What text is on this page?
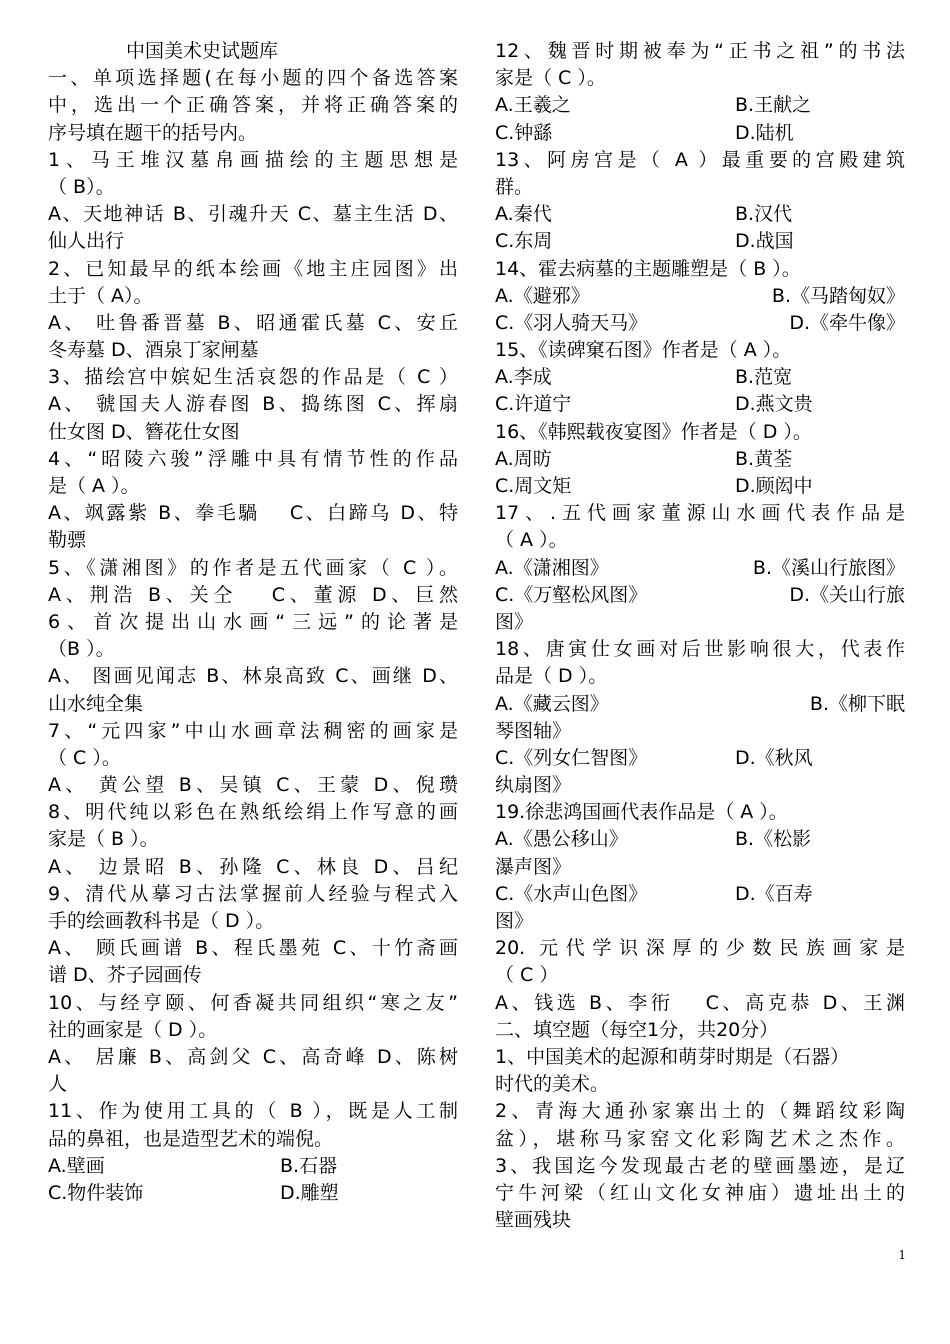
中国美术史试题库
一、单项选择题(在每小题的四个备选答案
中，选出一个正确答案，并将正确答案的
序号填在题干的括号内。
1、马王堆汉墓帛画描绘的主题思想是
（ B）。
A、天地神话 B、引魂升天 C、墓主生活 D、
仙人出行
2、已知最早的纸本绘画《地主庄园图》出
土于（ A）。
A、 吐鲁番晋墓 B、昭通霍氏墓 C、安丘
冬寿墓 D、酒泉丁家闸墓
3、描绘宫中嫔妃生活哀怨的作品是（ C ）
A、 虢国夫人游春图 B、捣练图 C、挥扇
仕女图 D、簪花仕女图
4、“昭陵六骏”浮雕中具有情节性的作品
是（ A ）。
A、飒露紫 B、拳毛騧 　C、白蹄乌 D、特
勒骠
5、《潇湘图》的作者是五代画家（ C ）。
A、荆浩 B、关仝 　C、董源 D、巨然
6、首次提出山水画“三远”的论著是
（B ）。
A、 图画见闻志 B、林泉高致 C、画继 D、
山水纯全集
7、“元四家”中山水画章法稠密的画家是
（ C ）。
A、 黄公望 B、吴镇 C、王蒙 D、倪瓒
8、明代纯以彩色在熟纸绘绢上作写意的画
家是（ B ）。
A、 边景昭 B、孙隆 C、林良 D、吕纪
9、清代从摹习古法掌握前人经验与程式入
手的绘画教科书是（ D ）。
A、 顾氏画谱 B、程氏墨苑 C、十竹斋画
谱 D、芥子园画传
10、与经亨颐、何香凝共同组织“寒之友”
社的画家是（ D ）。
A、 居廉 B、高剑父 C、高奇峰 D、陈树
人
11、作为使用工具的（ B ），既是人工制
品的鼻祖，也是造型艺术的端倪。
A.壁画	B.石器
C.物件装饰	D.雕塑
12、魏晋时期被奉为“正书之祖”的书法
家是（ C ）。
A.王羲之	B.王献之
C.钟繇	D.陆机
13、阿房宫是（ A ）最重要的宫殿建筑
群。
A.秦代	B.汉代
C.东周	D.战国
14、霍去病墓的主题雕塑是（ B ）。
A.《避邪》	B.《马踏匈奴》
C.《羽人骑天马》	D.《牵牛像》
15、《读碑窠石图》作者是（ A ）。
A.李成	B.范宽
C.许道宁	D.燕文贵
16、《韩熙载夜宴图》作者是（ D ）。
A.周昉	B.黄荃
C.周文矩	D.顾闳中
17、.五代画家董源山水画代表作品是
（ A ）。
A.《潇湘图》	B.《溪山行旅图》
C.《万壑松风图》	D.《关山行旅
图》
18、唐寅仕女画对后世影响很大，代表作
品是（ D ）。
A.《藏云图》	B.《柳下眠
琴图轴》
C.《列女仁智图》	D.《秋风
纨扇图》
19.徐悲鸿国画代表作品是（ A ）。
A.《愚公移山》	B.《松影
瀑声图》
C.《水声山色图》	D.《百寿
图》
20. 元代学识深厚的少数民族画家是
（ C ）
A、钱选 B、李衎 　C、高克恭 D、王渊
二、填空题（每空1分，共20分）
1、中国美术的起源和萌芽时期是（石器）
时代的美术。
2、青海大通孙家寨出土的（舞蹈纹彩陶
盆），堪称马家窑文化彩陶艺术之杰作。
3、我国迄今发现最古老的壁画墨迹，是辽
宁牛河梁（红山文化女神庙）遗址出土的
壁画残块
1
